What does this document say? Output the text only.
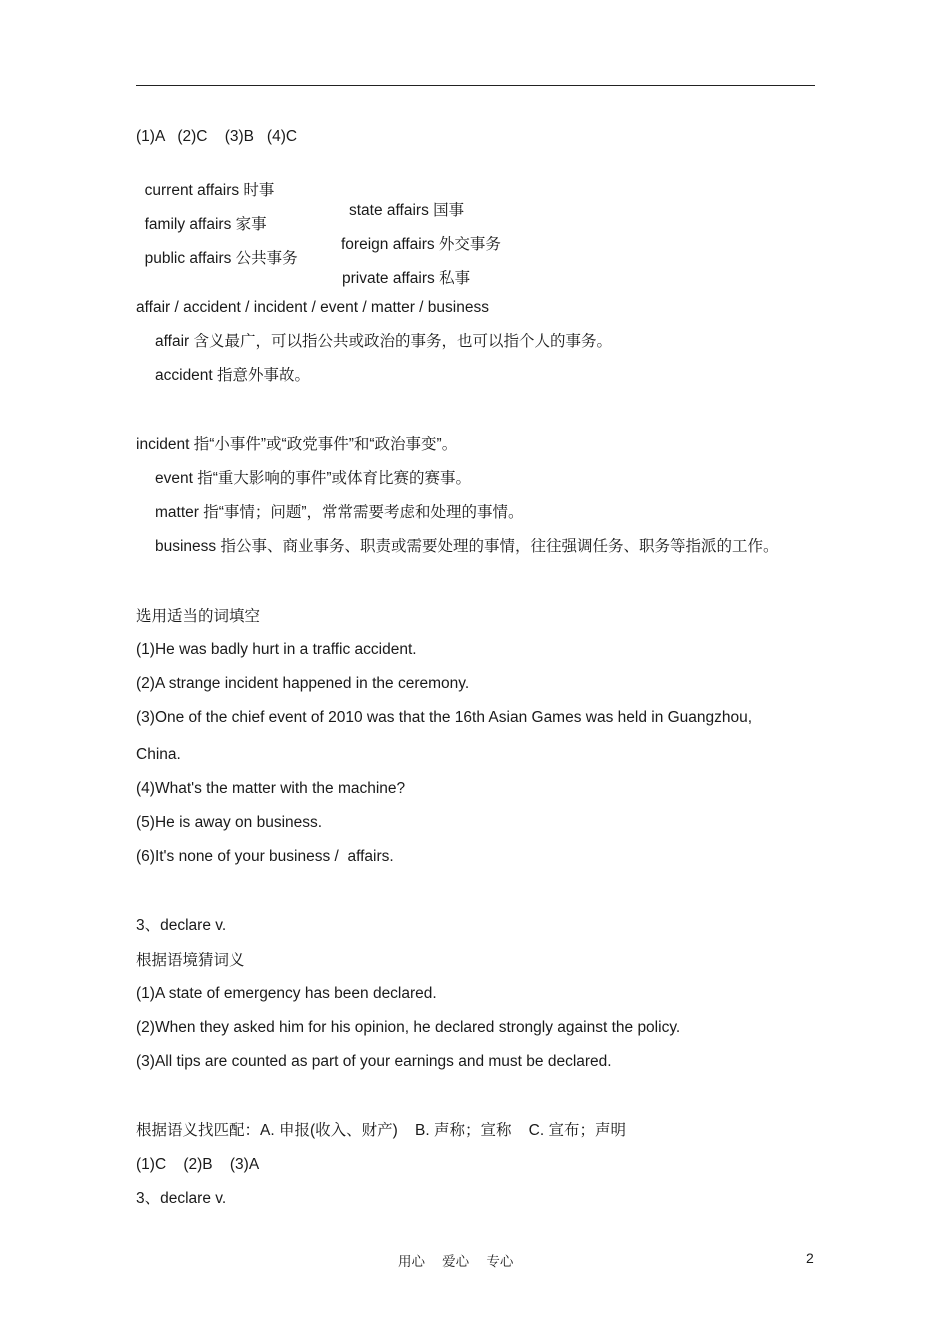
(1)A   (2)C    (3)B   (4)C

current affairs 时事

state affairs 国事

family affairs 家事

foreign affairs 外交事务

public affairs 公共事务

private affairs 私事

affair / accident / incident / event / matter / business
affair 含义最广，可以指公共或政治的事务，也可以指个人的事务。
accident 指意外事故。
incident 指“小事件”或“政党事件”和“政治事变”。
event 指“重大影响的事件”或体育比赛的赛事。
matter 指“事情；问题”，常常需要考虑和处理的事情。
business 指公事、商业事务、职责或需要处理的事情，往往强调任务、职务等指派的工作。
选用适当的词填空
(1)He was badly hurt in a traffic accident.
(2)A strange incident happened in the ceremony.
(3)One of the chief event of 2010 was that the 16th Asian Games was held in Guangzhou,
China.
(4)What's the matter with the machine?
(5)He is away on business.
(6)It's none of your business /  affairs.
3、declare v.
根据语境猜词义
(1)A state of emergency has been declared.
(2)When they asked him for his opinion, he declared strongly against the policy.
(3)All tips are counted as part of your earnings and must be declared.
根据语义找匹配：A. 申报(收入、财产)    B. 声称；宣称    C. 宣布；声明
(1)C    (2)B    (3)A
3、declare v.
用心    爱心    专心	2
